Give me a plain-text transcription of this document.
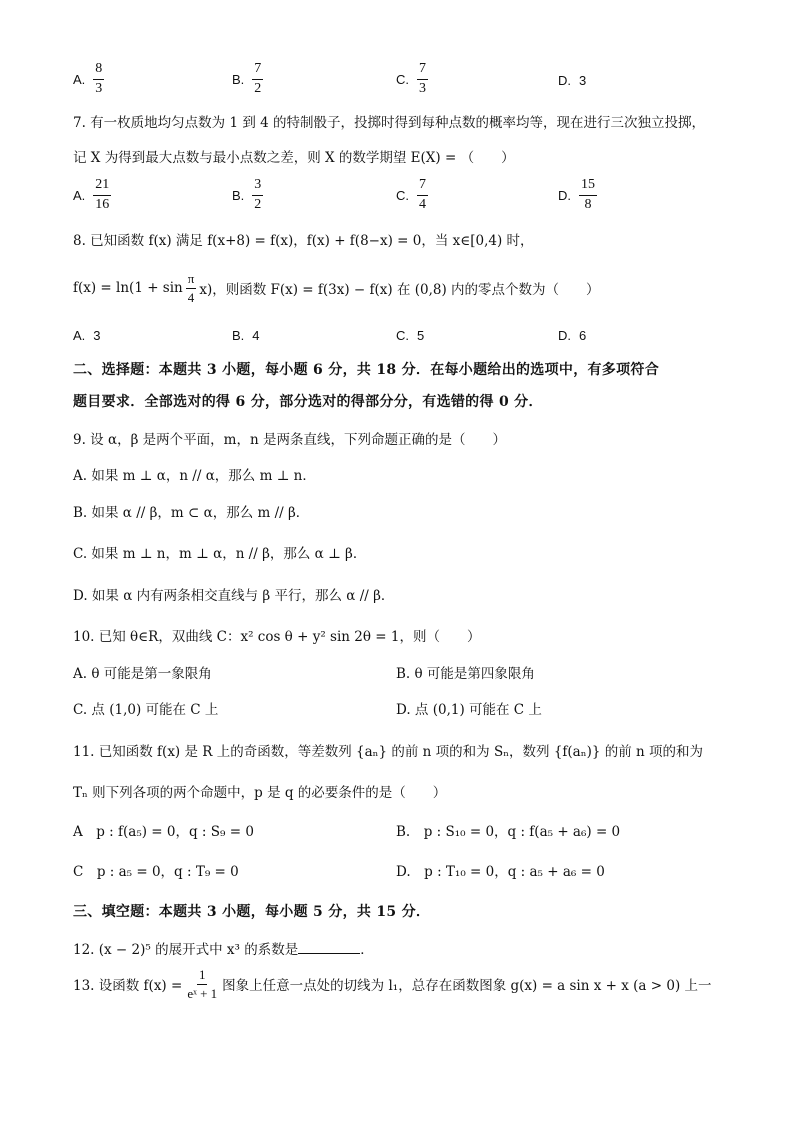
A. $\frac{8}{3}$	B. $\frac{7}{2}$	C. $\frac{7}{3}$	D. 3
7. 有一枚质地均匀点数为 1 到 4 的特制骰子，投掷时得到每种点数的概率均等，现在进行三次独立投掷，
记 X 为得到最大点数与最小点数之差，则 X 的数学期望 E(X) = （　　）
A. $\frac{21}{16}$	B. $\frac{3}{2}$	C. $\frac{7}{4}$	D. $\frac{15}{8}$
8. 已知函数 f(x) 满足 f(x+8) = f(x)，f(x) + f(8−x) = 0，当 x∈[0,4) 时，
$f(x) = \ln(1 + \sin \frac{\pi}{4} x)$，则函数 F(x) = f(3x) − f(x) 在 (0,8) 内的零点个数为（　　）
A. 3	B. 4	C. 5	D. 6
二、选择题：本题共 3 小题，每小题 6 分，共 18 分．在每小题给出的选项中，有多项符合
题目要求．全部选对的得 6 分，部分选对的得部分分，有选错的得 0 分．
9. 设 α，β 是两个平面，m，n 是两条直线，下列命题正确的是（　　）
A. 如果 m ⊥ α，n // α，那么 m ⊥ n．
B. 如果 α // β，m ⊂ α，那么 m // β．
C. 如果 m ⊥ n，m ⊥ α，n // β，那么 α ⊥ β．
D. 如果 α 内有两条相交直线与 β 平行，那么 α // β．
10. 已知 θ∈R，双曲线 C：x² cos θ + y² sin 2θ = 1，则（　　）
A. θ 可能是第一象限角	B. θ 可能是第四象限角
C. 点 (1,0) 可能在 C 上	D. 点 (0,1) 可能在 C 上
11. 已知函数 f(x) 是 R 上的奇函数，等差数列 {aₙ} 的前 n 项的和为 Sₙ，数列 {f(aₙ)} 的前 n 项的和为
Tₙ 则下列各项的两个命题中，p 是 q 的必要条件的是（　　）
A　p : f(a₅) = 0，q : S₉ = 0	B.　p : S₁₀ = 0，q : f(a₅ + a₆) = 0
C　p : a₅ = 0，q : T₉ = 0	D.　p : T₁₀ = 0，q : a₅ + a₆ = 0
三、填空题：本题共 3 小题，每小题 5 分，共 15 分．
12. (x − 2)⁵ 的展开式中 x³ 的系数是	．
13. 设函数 $f(x) = \frac{1}{\text{eˣ + 1}}$ 图象上任意一点处的切线为 l₁，总存在函数图象 g(x) = a sin x + x (a > 0) 上一
